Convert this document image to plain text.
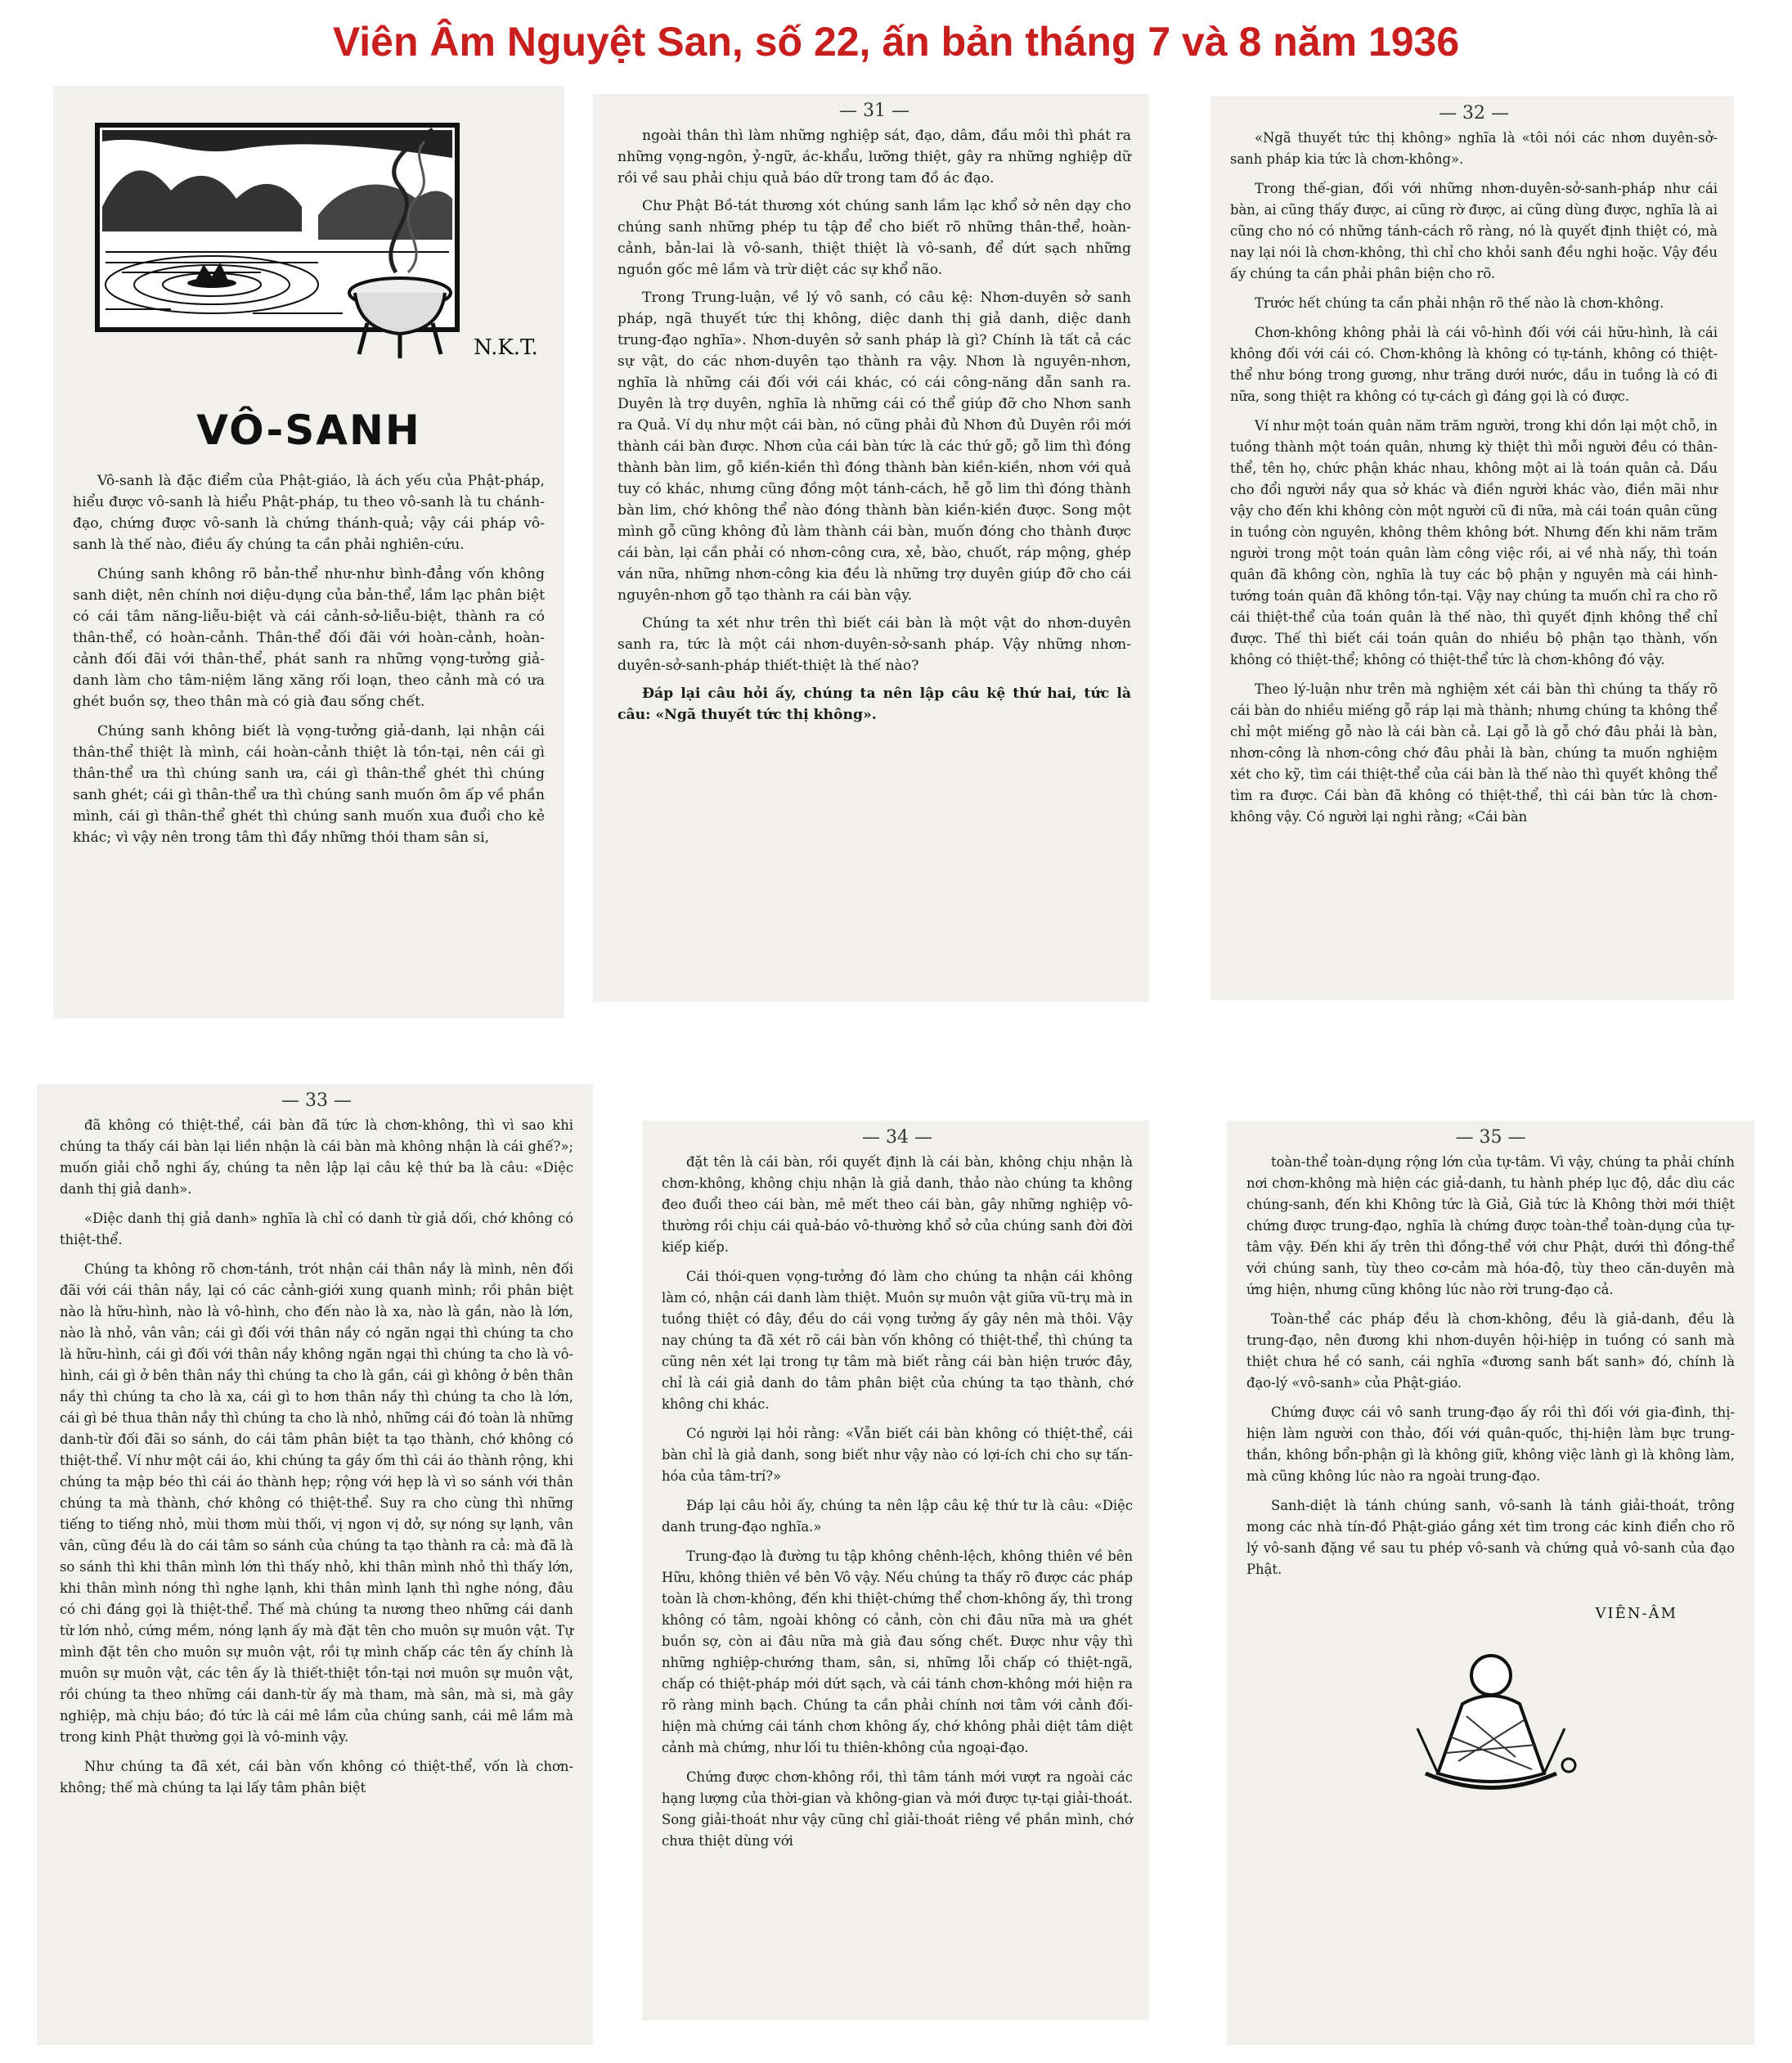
Viên Âm Nguyệt San, số 22, ấn bản tháng 7 và 8 năm 1936
N.K.T.
VÔ-SANH

Vô-sanh là đặc điểm của Phật-giáo, là ách yếu của Phật-pháp, hiểu được vô-sanh là hiểu Phật-pháp, tu theo vô-sanh là tu chánh-đạo, chứng được vô-sanh là chứng thánh-quả; vậy cái pháp vô-sanh là thế nào, điều ấy chúng ta cần phải nghiên-cứu.

Chúng sanh không rõ bản-thể như-như bình-đẳng vốn không sanh diệt, nên chính nơi diệu-dụng của bản-thể, lầm lạc phân biệt có cái tâm năng-liễu-biệt và cái cảnh-sở-liễu-biệt, thành ra có thân-thể, có hoàn-cảnh. Thân-thể đối đãi với hoàn-cảnh, hoàn-cảnh đối đãi với thân-thể, phát sanh ra những vọng-tưởng giả-danh làm cho tâm-niệm lăng xăng rối loạn, theo cảnh mà có ưa ghét buồn sợ, theo thân mà có già đau sống chết.

Chúng sanh không biết là vọng-tưởng giả-danh, lại nhận cái thân-thể thiệt là mình, cái hoàn-cảnh thiệt là tồn-tại, nên cái gì thân-thể ưa thì chúng sanh ưa, cái gì thân-thể ghét thì chúng sanh ghét; cái gì thân-thể ưa thì chúng sanh muốn ôm ấp về phần mình, cái gì thân-thể ghét thì chúng sanh muốn xua đuổi cho kẻ khác; vì vậy nên trong tâm thì đầy những thói tham sân si,

— 31 —

ngoài thân thì làm những nghiệp sát, đạo, dâm, đầu môi thì phát ra những vọng-ngôn, ỷ-ngữ, ác-khẩu, lưỡng thiệt, gây ra những nghiệp dữ rồi về sau phải chịu quả báo dữ trong tam đồ ác đạo.

Chư Phật Bồ-tát thương xót chúng sanh lầm lạc khổ sở nên dạy cho chúng sanh những phép tu tập để cho biết rõ những thân-thể, hoàn-cảnh, bản-lai là vô-sanh, thiệt thiệt là vô-sanh, để dứt sạch những nguồn gốc mê lầm và trừ diệt các sự khổ não.

Trong Trung-luận, về lý vô sanh, có câu kệ: Nhơn-duyên sở sanh pháp, ngã thuyết tức thị không, diệc danh thị giả danh, diệc danh trung-đạo nghĩa». Nhơn-duyên sở sanh pháp là gì? Chính là tất cả các sự vật, do các nhơn-duyên tạo thành ra vậy. Nhơn là nguyên-nhơn, nghĩa là những cái đối với cái khác, có cái công-năng dẫn sanh ra. Duyên là trợ duyên, nghĩa là những cái có thể giúp đỡ cho Nhơn sanh ra Quả. Ví dụ như một cái bàn, nó cũng phải đủ Nhơn đủ Duyên rồi mới thành cái bàn được. Nhơn của cái bàn tức là các thứ gỗ; gỗ lim thì đóng thành bàn lim, gỗ kiền-kiền thì đóng thành bàn kiền-kiền, nhơn với quả tuy có khác, nhưng cũng đồng một tánh-cách, hễ gỗ lim thì đóng thành bàn lim, chớ không thể nào đóng thành bàn kiền-kiền được. Song một mình gỗ cũng không đủ làm thành cái bàn, muốn đóng cho thành được cái bàn, lại cần phải có nhơn-công cưa, xẻ, bào, chuốt, ráp mộng, ghép ván nữa, những nhơn-công kia đều là những trợ duyên giúp đỡ cho cái nguyên-nhơn gỗ tạo thành ra cái bàn vậy.

Chúng ta xét như trên thì biết cái bàn là một vật do nhơn-duyên sanh ra, tức là một cái nhơn-duyên-sở-sanh pháp. Vậy những nhơn-duyên-sở-sanh-pháp thiết-thiệt là thế nào?

Đáp lại câu hỏi ấy, chúng ta nên lập câu kệ thứ hai, tức là câu: «Ngã thuyết tức thị không».

— 32 —

«Ngã thuyết tức thị không» nghĩa là «tôi nói các nhơn duyên-sở-sanh pháp kia tức là chơn-không».

Trong thế-gian, đối với những nhơn-duyên-sở-sanh-pháp như cái bàn, ai cũng thấy được, ai cũng rờ được, ai cũng dùng được, nghĩa là ai cũng cho nó có những tánh-cách rõ ràng, nó là quyết định thiệt có, mà nay lại nói là chơn-không, thì chỉ cho khỏi sanh đều nghi hoặc. Vậy đều ấy chúng ta cần phải phân biện cho rõ.

Trước hết chúng ta cần phải nhận rõ thế nào là chơn-không.

Chơn-không không phải là cái vô-hình đối với cái hữu-hình, là cái không đối với cái có. Chơn-không là không có tự-tánh, không có thiệt-thể như bóng trong gương, như trăng dưới nước, dầu in tuồng là có đi nữa, song thiệt ra không có tự-cách gì đáng gọi là có được.

Ví như một toán quân năm trăm người, trong khi dồn lại một chỗ, in tuồng thành một toán quân, nhưng kỳ thiệt thì mỗi người đều có thân-thể, tên họ, chức phận khác nhau, không một ai là toán quân cả. Dầu cho đổi người nầy qua sở khác và điền người khác vào, điền mãi như vậy cho đến khi không còn một người cũ đi nữa, mà cái toán quân cũng in tuồng còn nguyên, không thêm không bớt. Nhưng đến khi năm trăm người trong một toán quân làm công việc rồi, ai về nhà nấy, thì toán quân đã không còn, nghĩa là tuy các bộ phận y nguyên mà cái hình-tướng toán quân đã không tồn-tại. Vậy nay chúng ta muốn chỉ ra cho rõ cái thiệt-thể của toán quân là thế nào, thì quyết định không thể chỉ được. Thế thì biết cái toán quân do nhiều bộ phận tạo thành, vốn không có thiệt-thể; không có thiệt-thể tức là chơn-không đó vậy.

Theo lý-luận như trên mà nghiệm xét cái bàn thì chúng ta thấy rõ cái bàn do nhiều miếng gỗ ráp lại mà thành; nhưng chúng ta không thể chỉ một miếng gỗ nào là cái bàn cả. Lại gỗ là gỗ chớ đâu phải là bàn, nhơn-công là nhơn-công chớ đâu phải là bàn, chúng ta muốn nghiệm xét cho kỹ, tìm cái thiệt-thể của cái bàn là thế nào thì quyết không thể tìm ra được. Cái bàn đã không có thiệt-thể, thì cái bàn tức là chơn-không vậy. Có người lại nghi rằng; «Cái bàn

— 33 —

đã không có thiệt-thể, cái bàn đã tức là chơn-không, thì vì sao khi chúng ta thấy cái bàn lại liền nhận là cái bàn mà không nhận là cái ghế?»; muốn giải chỗ nghi ấy, chúng ta nên lập lại câu kệ thứ ba là câu: «Diệc danh thị giả danh».

«Diệc danh thị giả danh» nghĩa là chỉ có danh từ giả dối, chớ không có thiệt-thể.

Chúng ta không rõ chơn-tánh, trót nhận cái thân nầy là mình, nên đối đãi với cái thân nầy, lại có các cảnh-giới xung quanh mình; rồi phân biệt nào là hữu-hình, nào là vô-hình, cho đến nào là xa, nào là gần, nào là lớn, nào là nhỏ, vân vân; cái gì đối với thân nầy có ngăn ngại thì chúng ta cho là hữu-hình, cái gì đối với thân nầy không ngăn ngại thì chúng ta cho là vô-hình, cái gì ở bên thân nầy thì chúng ta cho là gần, cái gì không ở bên thân nầy thì chúng ta cho là xa, cái gì to hơn thân nầy thì chúng ta cho là lớn, cái gì bé thua thân nầy thì chúng ta cho là nhỏ, những cái đó toàn là những danh-từ đối đãi so sánh, do cái tâm phân biệt ta tạo thành, chớ không có thiệt-thể. Ví như một cái áo, khi chúng ta gầy ốm thì cái áo thành rộng, khi chúng ta mập béo thì cái áo thành hẹp; rộng với hẹp là vì so sánh với thân chúng ta mà thành, chớ không có thiệt-thể. Suy ra cho cùng thì những tiếng to tiếng nhỏ, mùi thơm mùi thối, vị ngon vị dở, sự nóng sự lạnh, vân vân, cũng đều là do cái tâm so sánh của chúng ta tạo thành ra cả: mà đã là so sánh thì khi thân mình lớn thì thấy nhỏ, khi thân mình nhỏ thì thấy lớn, khi thân mình nóng thì nghe lạnh, khi thân mình lạnh thì nghe nóng, đâu có chi đáng gọi là thiệt-thể. Thế mà chúng ta nương theo những cái danh từ lớn nhỏ, cứng mềm, nóng lạnh ấy mà đặt tên cho muôn sự muôn vật. Tự mình đặt tên cho muôn sự muôn vật, rồi tự mình chấp các tên ấy chính là muôn sự muôn vật, các tên ấy là thiết-thiệt tồn-tại nơi muôn sự muôn vật, rồi chúng ta theo những cái danh-từ ấy mà tham, mà sân, mà si, mà gây nghiệp, mà chịu báo; đó tức là cái mê lầm của chúng sanh, cái mê lầm mà trong kinh Phật thường gọi là vô-minh vậy.

Như chúng ta đã xét, cái bàn vốn không có thiệt-thể, vốn là chơn-không; thế mà chúng ta lại lấy tâm phân biệt

— 34 —

đặt tên là cái bàn, rồi quyết định là cái bàn, không chịu nhận là chơn-không, không chịu nhận là giả danh, thảo nào chúng ta không đeo đuổi theo cái bàn, mê mết theo cái bàn, gây những nghiệp vô-thường rồi chịu cái quả-báo vô-thường khổ sở của chúng sanh đời đời kiếp kiếp.

Cái thói-quen vọng-tưởng đó làm cho chúng ta nhận cái không làm có, nhận cái danh làm thiệt. Muôn sự muôn vật giữa vũ-trụ mà in tuồng thiệt có đây, đều do cái vọng tưởng ấy gây nên mà thôi. Vậy nay chúng ta đã xét rõ cái bàn vốn không có thiệt-thể, thì chúng ta cũng nên xét lại trong tự tâm mà biết rằng cái bàn hiện trước đây, chỉ là cái giả danh do tâm phân biệt của chúng ta tạo thành, chớ không chi khác.

Có người lại hỏi rằng: «Vẫn biết cái bàn không có thiệt-thể, cái bàn chỉ là giả danh, song biết như vậy nào có lợi-ích chi cho sự tấn-hóa của tâm-trí?»

Đáp lại câu hỏi ấy, chúng ta nên lập câu kệ thứ tư là câu: «Diệc danh trung-đạo nghĩa.»

Trung-đạo là đường tu tập không chênh-lệch, không thiên về bên Hữu, không thiên về bên Vô vậy. Nếu chúng ta thấy rõ được các pháp toàn là chơn-không, đến khi thiệt-chứng thể chơn-không ấy, thì trong không có tâm, ngoài không có cảnh, còn chi đâu nữa mà ưa ghét buồn sợ, còn ai đâu nữa mà già đau sống chết. Được như vậy thì những nghiệp-chướng tham, sân, si, những lỗi chấp có thiệt-ngã, chấp có thiệt-pháp mới dứt sạch, và cái tánh chơn-không mới hiện ra rõ ràng minh bạch. Chúng ta cần phải chính nơi tâm với cảnh đối-hiện mà chứng cái tánh chơn không ấy, chớ không phải diệt tâm diệt cảnh mà chứng, như lối tu thiên-không của ngoại-đạo.

Chứng được chơn-không rồi, thì tâm tánh mới vượt ra ngoài các hạng lượng của thời-gian và không-gian và mới được tự-tại giải-thoát. Song giải-thoát như vậy cũng chỉ giải-thoát riêng về phần mình, chớ chưa thiệt dùng với

— 35 —

toàn-thể toàn-dụng rộng lớn của tự-tâm. Vì vậy, chúng ta phải chính nơi chơn-không mà hiện các giả-danh, tu hành phép lục độ, dắc dìu các chúng-sanh, đến khi Không tức là Giả, Giả tức là Không thời mới thiệt chứng được trung-đạo, nghĩa là chứng được toàn-thể toàn-dụng của tự-tâm vậy. Đến khi ấy trên thì đồng-thể với chư Phật, dưới thì đồng-thể với chúng sanh, tùy theo cơ-cảm mà hóa-độ, tùy theo căn-duyên mà ứng hiện, nhưng cũng không lúc nào rời trung-đạo cả.

Toàn-thể các pháp đều là chơn-không, đều là giả-danh, đều là trung-đạo, nên đương khi nhơn-duyên hội-hiệp in tuồng có sanh mà thiệt chưa hề có sanh, cái nghĩa «đương sanh bất sanh» đó, chính là đạo-lý «vô-sanh» của Phật-giáo.

Chứng được cái vô sanh trung-đạo ấy rồi thì đối với gia-đình, thị-hiện làm người con thảo, đối với quân-quốc, thị-hiện làm bực trung-thần, không bổn-phận gì là không giữ, không việc lành gì là không làm, mà cũng không lúc nào ra ngoài trung-đạo.

Sanh-diệt là tánh chúng sanh, vô-sanh là tánh giải-thoát, trông mong các nhà tín-đồ Phật-giáo gắng xét tìm trong các kinh điển cho rõ lý vô-sanh đặng về sau tu phép vô-sanh và chứng quả vô-sanh của đạo Phật.

VIÊN-ÂM
